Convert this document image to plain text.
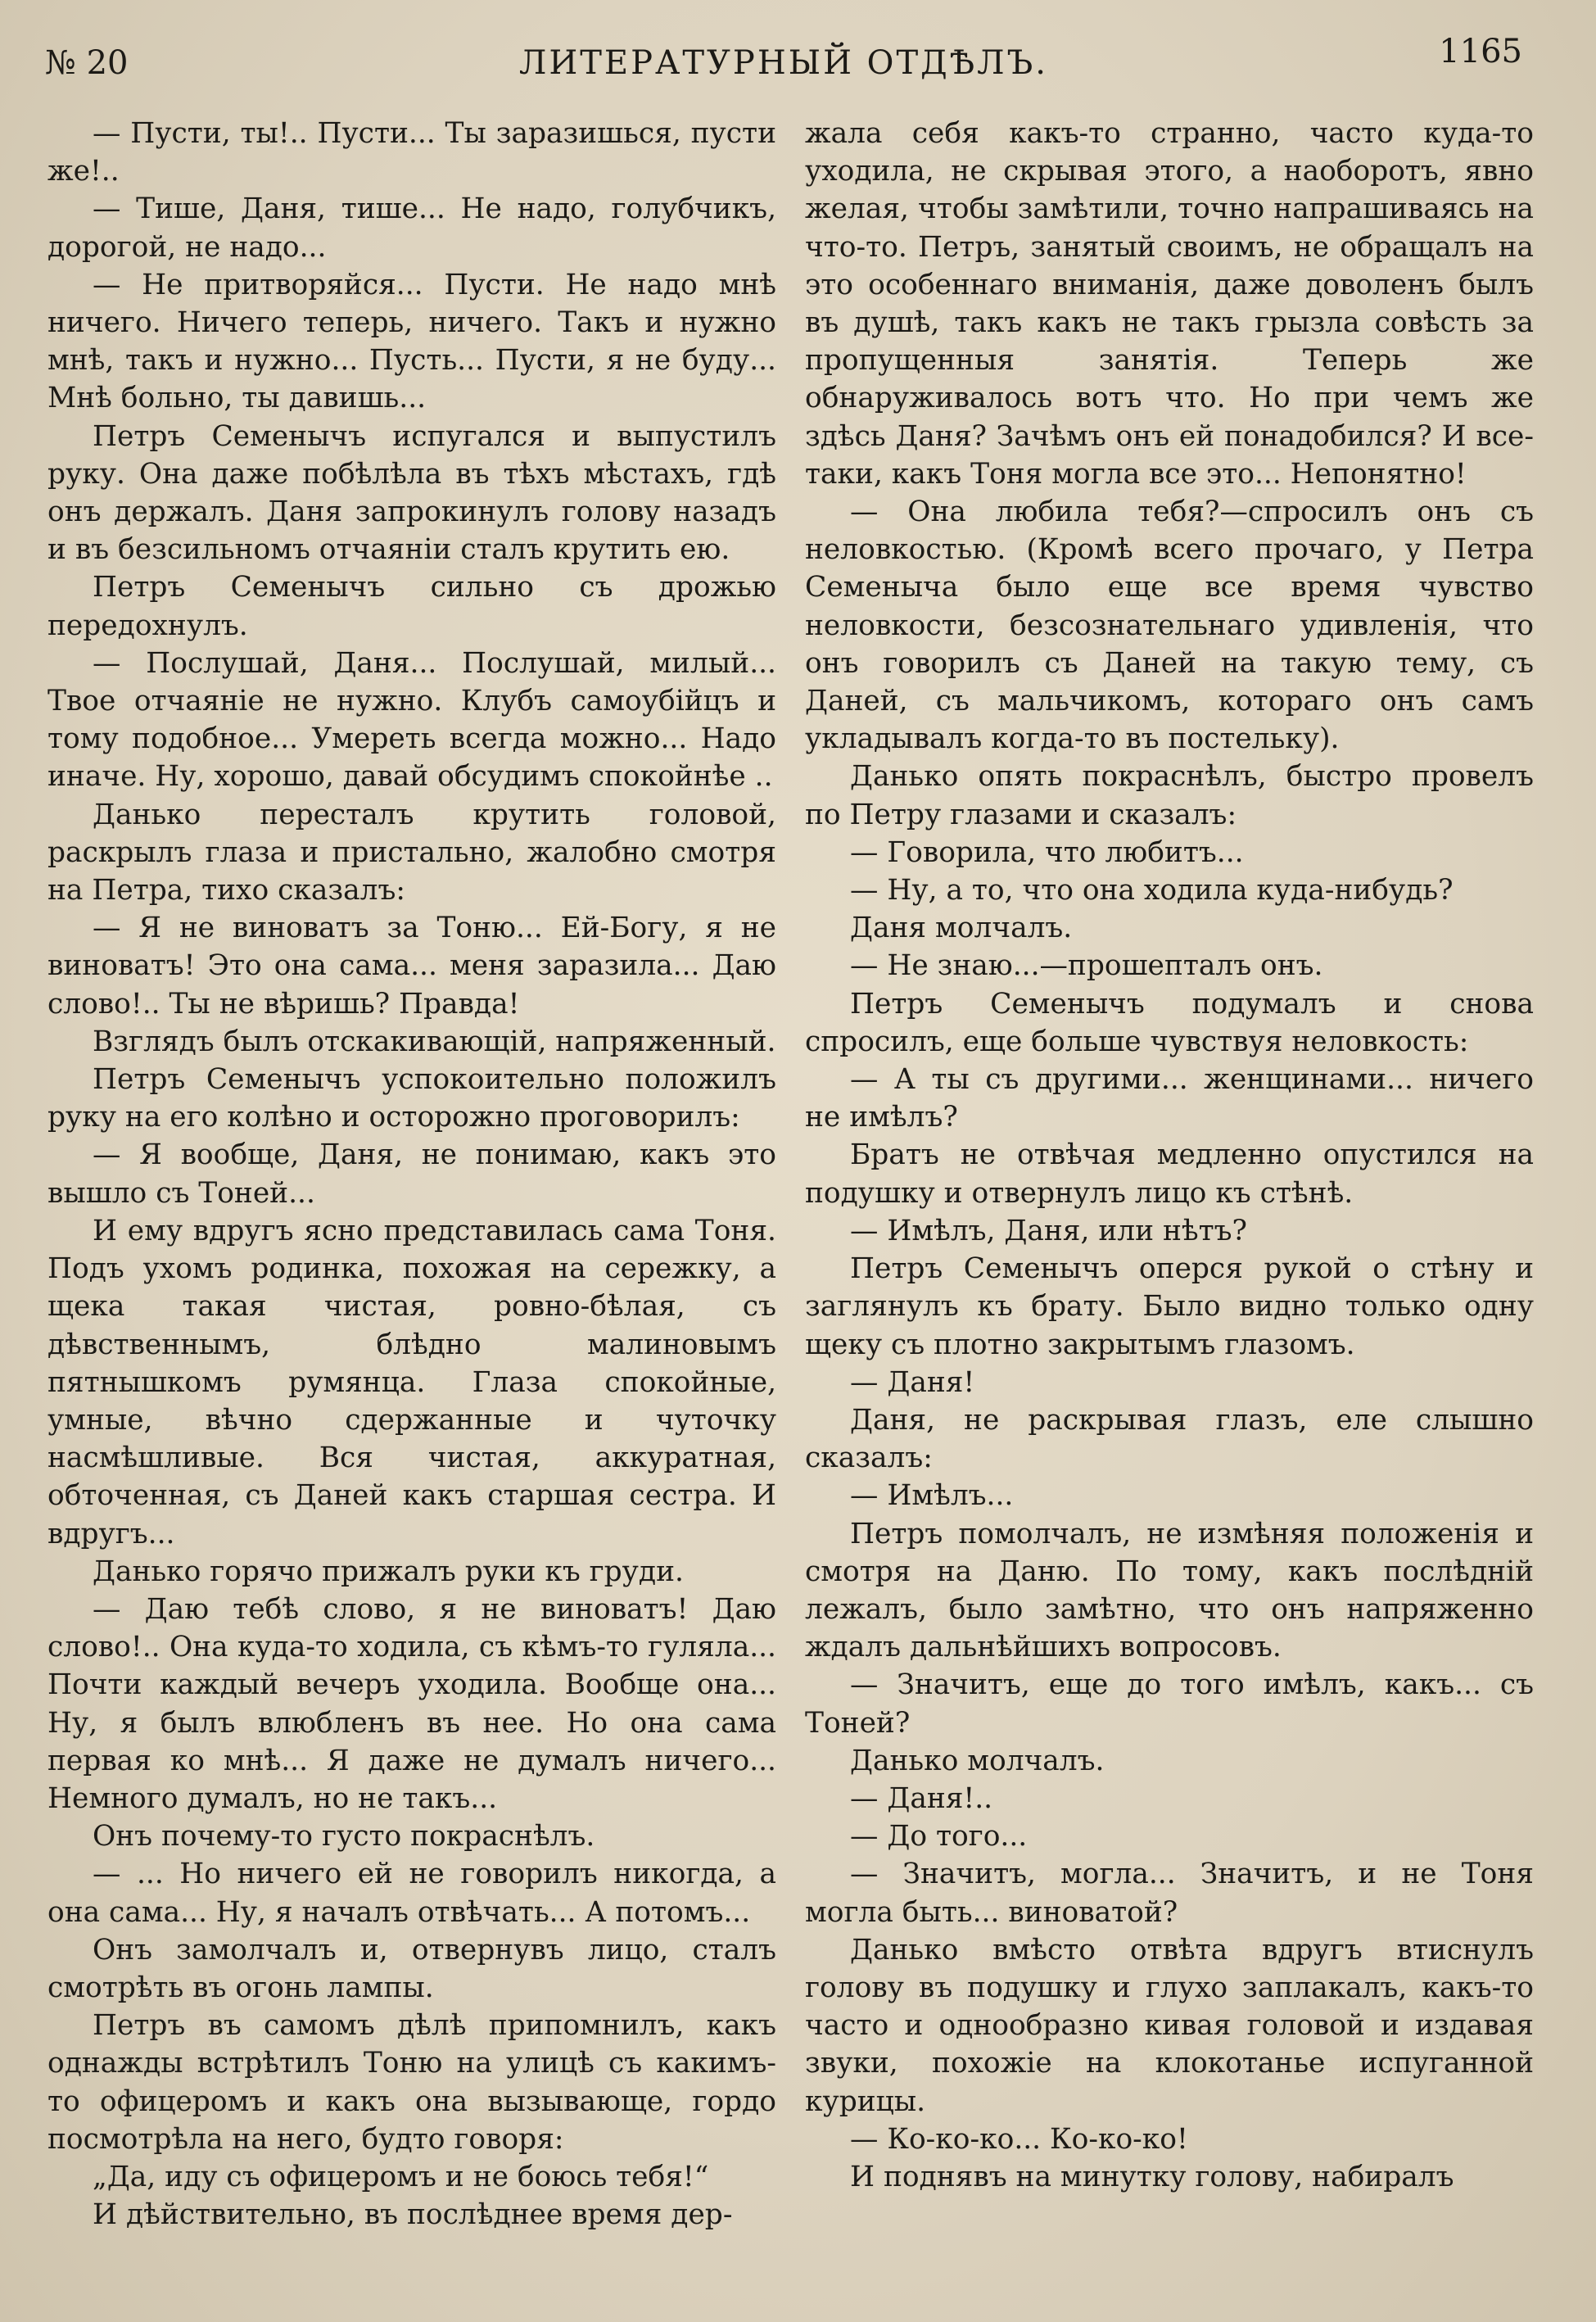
№ 20	ЛИТЕРАТУРНЫЙ ОТДѢЛЪ.	1165

— Пусти, ты!.. Пусти... Ты заразишься, пусти же!..

— Тише, Даня, тише... Не надо, голубчикъ, дорогой, не надо...

— Не притворяйся... Пусти. Не надо мнѣ ничего. Ничего теперь, ничего. Такъ и нужно мнѣ, такъ и нужно... Пусть... Пусти, я не буду... Мнѣ больно, ты давишь...

Петръ Семенычъ испугался и выпустилъ руку. Она даже побѣлѣла въ тѣхъ мѣстахъ, гдѣ онъ держалъ. Даня запрокинулъ голову назадъ и въ безсильномъ отчаяніи сталъ крутить ею.

Петръ Семенычъ сильно съ дрожью передохнулъ.

— Послушай, Даня... Послушай, милый... Твое отчаяніе не нужно. Клубъ самоубійцъ и тому подобное... Умереть всегда можно... Надо иначе. Ну, хорошо, давай обсудимъ спокойнѣе ..

Данько пересталъ крутить головой, раскрылъ глаза и пристально, жалобно смотря на Петра, тихо сказалъ:

— Я не виноватъ за Тоню... Ей-Богу, я не виноватъ! Это она сама... меня заразила... Даю слово!.. Ты не вѣришь? Правда!

Взглядъ былъ отскакивающій, напряженный.

Петръ Семенычъ успокоительно положилъ руку на его колѣно и осторожно проговорилъ:

— Я вообще, Даня, не понимаю, какъ это вышло съ Тоней...

И ему вдругъ ясно представилась сама Тоня. Подъ ухомъ родинка, похожая на сережку, а щека такая чистая, ровно-бѣлая, съ дѣвственнымъ, блѣдно малиновымъ пятнышкомъ румянца. Глаза спокойные, умные, вѣчно сдержанные и чуточку насмѣшливые. Вся чистая, аккуратная, обточенная, съ Даней какъ старшая сестра. И вдругъ...

Данько горячо прижалъ руки къ груди.

— Даю тебѣ слово, я не виноватъ! Даю слово!.. Она куда-то ходила, съ кѣмъ-то гуляла... Почти каждый вечеръ уходила. Вообще она... Ну, я былъ влюбленъ въ нее. Но она сама первая ко мнѣ... Я даже не думалъ ничего... Немного думалъ, но не такъ...

Онъ почему-то густо покраснѣлъ.

— ... Но ничего ей не говорилъ никогда, а она сама... Ну, я началъ отвѣчать... А потомъ...

Онъ замолчалъ и, отвернувъ лицо, сталъ смотрѣть въ огонь лампы.

Петръ въ самомъ дѣлѣ припомнилъ, какъ однажды встрѣтилъ Тоню на улицѣ съ какимъ-то офицеромъ и какъ она вызывающе, гордо посмотрѣла на него, будто говоря:

„Да, иду съ офицеромъ и не боюсь тебя!“

И дѣйствительно, въ послѣднее время дер-

жала себя какъ-то странно, часто куда-то уходила, не скрывая этого, а наоборотъ, явно желая, чтобы замѣтили, точно напрашиваясь на что-то. Петръ, занятый своимъ, не обращалъ на это особеннаго вниманія, даже доволенъ былъ въ душѣ, такъ какъ не такъ грызла совѣсть за пропущенныя занятія. Теперь же обнаруживалось вотъ что. Но при чемъ же здѣсь Даня? Зачѣмъ онъ ей понадобился? И все-таки, какъ Тоня могла все это... Непонятно!

— Она любила тебя?—спросилъ онъ съ неловкостью. (Кромѣ всего прочаго, у Петра Семеныча было еще все время чувство неловкости, безсознательнаго удивленія, что онъ говорилъ съ Даней на такую тему, съ Даней, съ мальчикомъ, котораго онъ самъ укладывалъ когда-то въ постельку).

Данько опять покраснѣлъ, быстро провелъ по Петру глазами и сказалъ:

— Говорила, что любитъ...

— Ну, а то, что она ходила куда-нибудь?

Даня молчалъ.

— Не знаю...—прошепталъ онъ.

Петръ Семенычъ подумалъ и снова спросилъ, еще больше чувствуя неловкость:

— А ты съ другими... женщинами... ничего не имѣлъ?

Братъ не отвѣчая медленно опустился на подушку и отвернулъ лицо къ стѣнѣ.

— Имѣлъ, Даня, или нѣтъ?

Петръ Семенычъ оперся рукой о стѣну и заглянулъ къ брату. Было видно только одну щеку съ плотно закрытымъ глазомъ.

— Даня!

Даня, не раскрывая глазъ, еле слышно сказалъ:

— Имѣлъ...

Петръ помолчалъ, не измѣняя положенія и смотря на Даню. По тому, какъ послѣдній лежалъ, было замѣтно, что онъ напряженно ждалъ дальнѣйшихъ вопросовъ.

— Значитъ, еще до того имѣлъ, какъ... съ Тоней?

Данько молчалъ.

— Даня!..

— До того...

— Значитъ, могла... Значитъ, и не Тоня могла быть... виноватой?

Данько вмѣсто отвѣта вдругъ втиснулъ голову въ подушку и глухо заплакалъ, какъ-то часто и однообразно кивая головой и издавая звуки, похожіе на клокотанье испуганной курицы.

— Ко-ко-ко... Ко-ко-ко!

И поднявъ на минутку голову, набиралъ
